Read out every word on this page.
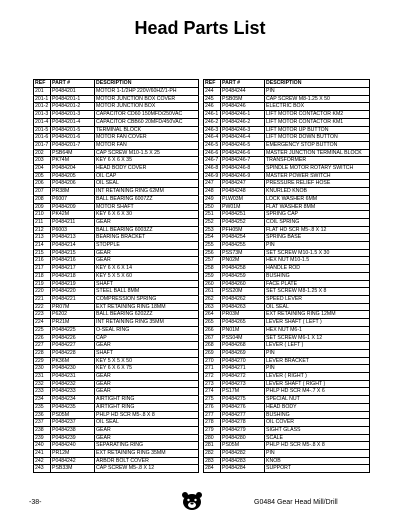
Head Parts List
REF	PART #	DESCRIPTION
201	P0484201	MOTOR 1-1/2HP 220V/60HZ/1-PH
201-1	P0484201-1	MOTOR JUNCTION BOX COVER
201-2	P0484201-2	MOTOR JUNCTION BOX
201-3	P0484201-3	CAPACITOR CD60 150MFD/250VAC
201-4	P0484201-4	CAPACITOR CBB60 20MFD/450VAC
201-5	P0484201-5	TERMINAL BLOCK
201-6	P0484201-6	MOTOR FAN COVER
201-7	P0484201-7	MOTOR FAN
202	PSB64M	CAP SCREW M10-1.5 X 25
203	PK74M	KEY 6 X 6 X 35
204	P0484204	HEAD BODY COVER
205	P0484205	OIL CAP
206	P0484206	OIL SEAL
207	PR38M	INT RETAINING RING 62MM
208	P6007	BALL BEARING 6007ZZ
209	P0484209	MOTOR SHAFT
210	PK42M	KEY 6 X 6 X 30
211	P0484211	GEAR
212	P6003	BALL BEARING 6003ZZ
213	P0484213	BEARING BRACKET
214	P0484214	STOPPLE
215	P0484215	GEAR
216	P0484216	GEAR
217	P0484217	KEY 6 X 6 X 14
218	P0484218	KEY 5 X 5 X 60
219	P0484219	SHAFT
220	P0484220	STEEL BALL 8MM
221	P0484221	COMPRESSION SPRING
222	PR07M	EXT RETAINING RING 18MM
223	P6202	BALL BEARING 6202ZZ
224	PR21M	INT RETAINING RING 35MM
225	P0484225	O-SEAL RING
226	P0484226	CAP
227	P0484227	GEAR
228	P0484228	SHAFT
229	PK36M	KEY 5 X 5 X 50
230	P0484230	KEY 6 X 6 X 75
231	P0484231	GEAR
232	P0484232	GEAR
233	P0484233	GEAR
234	P0484234	AIRTIGHT RING
235	P0484235	AIRTIGHT RING
236	PS05M	PHLP HD SCR M5-.8 X 8
237	P0484237	OIL SEAL
238	P0484238	GEAR
239	P0484239	GEAR
240	P0484240	SEPARATING RING
241	PR12M	EXT RETAINING RING 35MM
242	P0484242	ARBOR BOLT COVER
243	PSB33M	CAP SCREW M5-.8 X 12
REF	PART #	DESCRIPTION
244	P0484244	PIN
245	PSB05M	CAP SCREW M8-1.25 X 50
246	P0484246	ELECTRIC BOX
246-1	P0484246-1	LIFT MOTOR CONTACTOR KM2
246-2	P0484246-2	LIFT MOTOR CONTACTOR KM1
246-3	P0484246-3	LIFT MOTOR UP BUTTON
246-4	P0484246-4	LIFT MOTOR DOWN BUTTON
246-5	P0484246-5	EMERGENCY STOP BUTTON
246-6	P0484246-6	MASTER JUNCTION TERMINAL BLOCK
246-7	P0484246-7	TRANSFORMER
246-8	P0484246-8	SPINDLE MOTOR ROTARY SWITCH
246-9	P0484246-9	MASTER POWER SWITCH
247	P0484247	PRESSURE RELIEF HOSE
248	P0484248	KNURLED KNOB
249	PLW03M	LOCK WASHER 6MM
250	PW01M	FLAT WASHER 8MM
251	P0484251	SPRING CAP
252	P0484252	COIL SPRING
253	PFH05M	FLAT HD SCR M5-.8 X 12
254	P0484254	SPRING BASE
255	P0484255	PIN
256	PSS73M	SET SCREW M10-1.5 X 30
257	PN02M	HEX NUT M10-1.5
258	P0484258	HANDLE ROD
259	P0484259	BUSHING
260	P0484260	FACE PLATE
261	PSS20M	SET SCREW M8-1.25 X 8
262	P0484262	SPEED LEVER
263	P0484263	OIL SEAL
264	PR03M	EXT RETAINING RING 12MM
265	P0484265	LEVER SHAFT ( LEFT )
266	PN01M	HEX NUT M6-1
267	PSS04M	SET SCREW M6-1 X 12
268	P0484268	LEVER ( LEFT )
269	P0484269	PIN
270	P0484270	LEVER BRACKET
271	P0484271	PIN
272	P0484272	LEVER ( RIGHT )
273	P0484273	LEVER SHAFT ( RIGHT )
274	PS17M	PHLP HD SCR M4-.7 X 6
275	P0484275	SPECIAL NUT
276	P0484276	HEAD BODY
277	P0484277	BUSHING
278	P0484278	OIL COVER
279	P0484279	SIGHT GLASS
280	P0484280	SCALE
281	PS05M	PHLP HD SCR M5-.8 X 8
282	P0484282	PIN
283	P0484283	KNOB
284	P0484284	SUPPORT
-38-	G0484 Gear Head Mill/Drill
